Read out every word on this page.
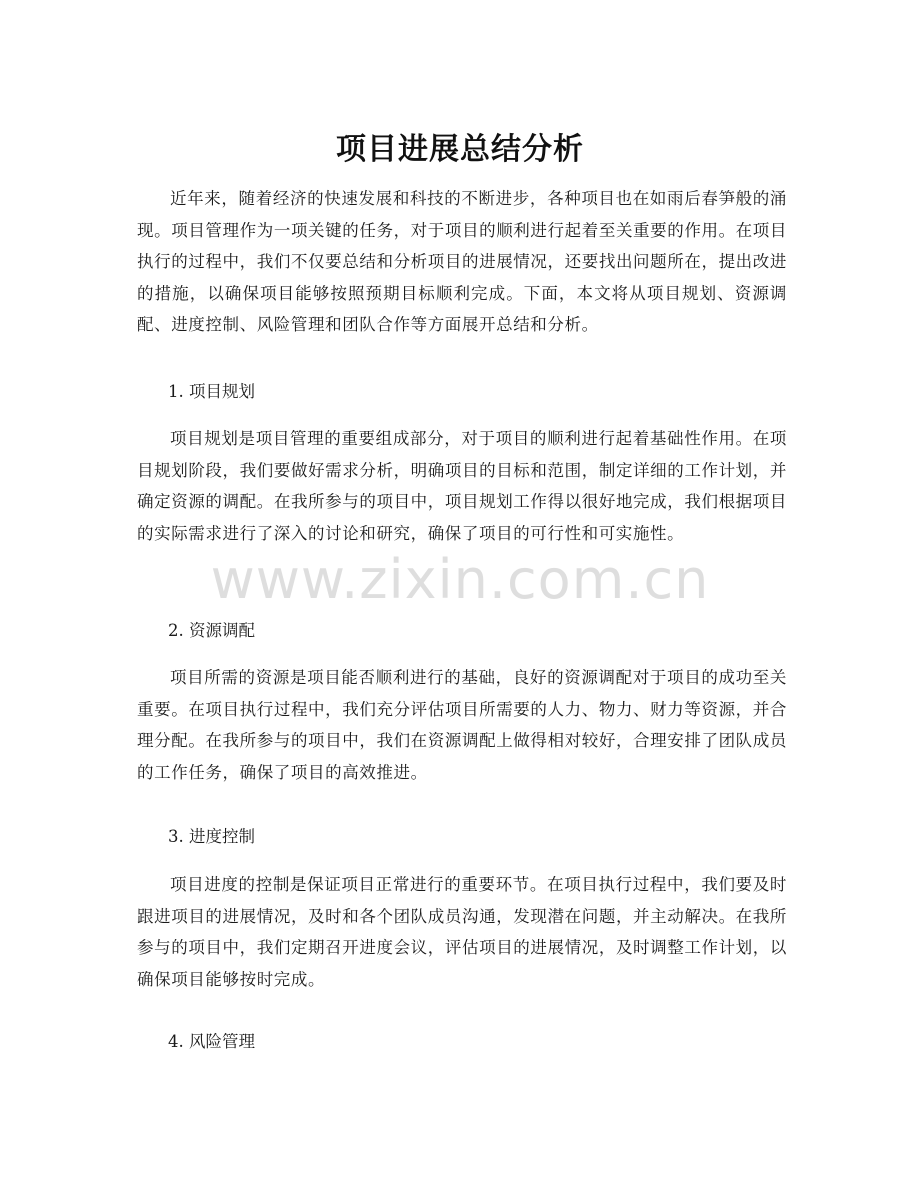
项目进展总结分析

近年来，随着经济的快速发展和科技的不断进步，各种项目也在如雨后春笋般的涌现。项目管理作为一项关键的任务，对于项目的顺利进行起着至关重要的作用。在项目执行的过程中，我们不仅要总结和分析项目的进展情况，还要找出问题所在，提出改进的措施，以确保项目能够按照预期目标顺利完成。下面，本文将从项目规划、资源调配、进度控制、风险管理和团队合作等方面展开总结和分析。

1. 项目规划

项目规划是项目管理的重要组成部分，对于项目的顺利进行起着基础性作用。在项目规划阶段，我们要做好需求分析，明确项目的目标和范围，制定详细的工作计划，并确定资源的调配。在我所参与的项目中，项目规划工作得以很好地完成，我们根据项目的实际需求进行了深入的讨论和研究，确保了项目的可行性和可实施性。

2. 资源调配

项目所需的资源是项目能否顺利进行的基础，良好的资源调配对于项目的成功至关重要。在项目执行过程中，我们充分评估项目所需要的人力、物力、财力等资源，并合理分配。在我所参与的项目中，我们在资源调配上做得相对较好，合理安排了团队成员的工作任务，确保了项目的高效推进。

3. 进度控制

项目进度的控制是保证项目正常进行的重要环节。在项目执行过程中，我们要及时跟进项目的进展情况，及时和各个团队成员沟通，发现潜在问题，并主动解决。在我所参与的项目中，我们定期召开进度会议，评估项目的进展情况，及时调整工作计划，以确保项目能够按时完成。

4. 风险管理

www.zixin.com.cn
